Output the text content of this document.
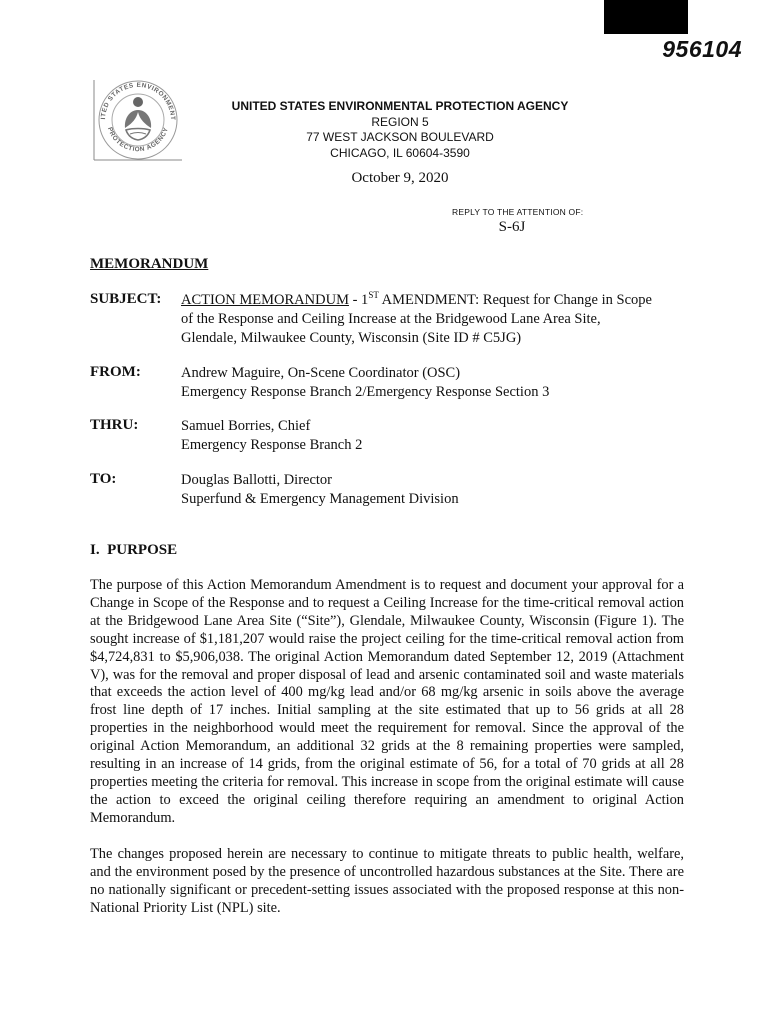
956104
ITED STATES ENVIRONMENT
PROTECTION AGENCY
UNITED STATES ENVIRONMENTAL PROTECTION AGENCY
REGION 5
77 WEST JACKSON BOULEVARD
CHICAGO, IL 60604-3590
October 9, 2020
REPLY TO THE ATTENTION OF:
S-6J
MEMORANDUM
SUBJECT: ACTION MEMORANDUM - 1ST AMENDMENT: Request for Change in Scope
of the Response and Ceiling Increase at the Bridgewood Lane Area Site,
Glendale, Milwaukee County, Wisconsin (Site ID # C5JG)
FROM:	Andrew Maguire, On-Scene Coordinator (OSC)
Emergency Response Branch 2/Emergency Response Section 3
THRU:	Samuel Borries, Chief
Emergency Response Branch 2
TO:	Douglas Ballotti, Director
Superfund & Emergency Management Division
I.  PURPOSE
The purpose of this Action Memorandum Amendment is to request and document your approval for a Change in Scope of the Response and to request a Ceiling Increase for the time-critical removal action at the Bridgewood Lane Area Site (“Site”), Glendale, Milwaukee County, Wisconsin (Figure 1). The sought increase of $1,181,207 would raise the project ceiling for the time-critical removal action from $4,724,831 to $5,906,038. The original Action Memorandum dated September 12, 2019 (Attachment V), was for the removal and proper disposal of lead and arsenic contaminated soil and waste materials that exceeds the action level of 400 mg/kg lead and/or 68 mg/kg arsenic in soils above the average frost line depth of 17 inches. Initial sampling at the site estimated that up to 56 grids at all 28 properties in the neighborhood would meet the requirement for removal. Since the approval of the original Action Memorandum, an additional 32 grids at the 8 remaining properties were sampled, resulting in an increase of 14 grids, from the original estimate of 56, for a total of 70 grids at all 28 properties meeting the criteria for removal. This increase in scope from the original estimate will cause the action to exceed the original ceiling therefore requiring an amendment to original Action Memorandum.
The changes proposed herein are necessary to continue to mitigate threats to public health, welfare, and the environment posed by the presence of uncontrolled hazardous substances at the Site. There are no nationally significant or precedent-setting issues associated with the proposed response at this non-National Priority List (NPL) site.
